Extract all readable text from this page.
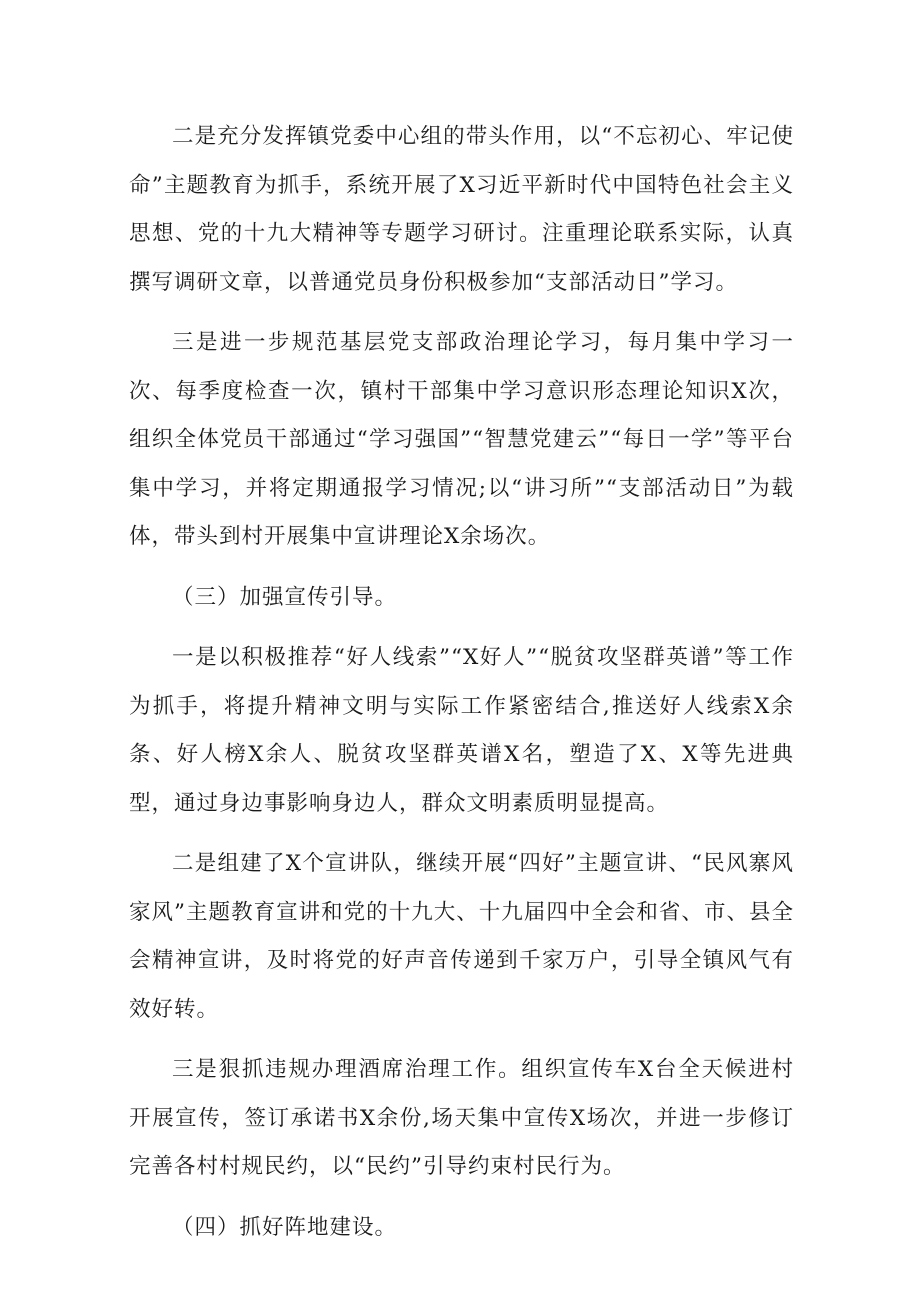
二是充分发挥镇党委中心组的带头作用，以“不忘初心、牢记使命”主题教育为抓手，系统开展了X习近平新时代中国特色社会主义思想、党的十九大精神等专题学习研讨。注重理论联系实际，认真撰写调研文章，以普通党员身份积极参加“支部活动日”学习。

三是进一步规范基层党支部政治理论学习，每月集中学习一次、每季度检查一次，镇村干部集中学习意识形态理论知识X次，组织全体党员干部通过“学习强国”“智慧党建云”“每日一学”等平台集中学习，并将定期通报学习情况;以“讲习所”“支部活动日”为载体，带头到村开展集中宣讲理论X余场次。

（三）加强宣传引导。

一是以积极推荐“好人线索”“X好人”“脱贫攻坚群英谱”等工作为抓手，将提升精神文明与实际工作紧密结合,推送好人线索X余条、好人榜X余人、脱贫攻坚群英谱X名，塑造了X、X等先进典型，通过身边事影响身边人，群众文明素质明显提高。

二是组建了X个宣讲队，继续开展“四好”主题宣讲、“民风寨风家风”主题教育宣讲和党的十九大、十九届四中全会和省、市、县全会精神宣讲，及时将党的好声音传递到千家万户，引导全镇风气有效好转。

三是狠抓违规办理酒席治理工作。组织宣传车X台全天候进村开展宣传，签订承诺书X余份,场天集中宣传X场次，并进一步修订完善各村村规民约，以“民约”引导约束村民行为。

（四）抓好阵地建设。
